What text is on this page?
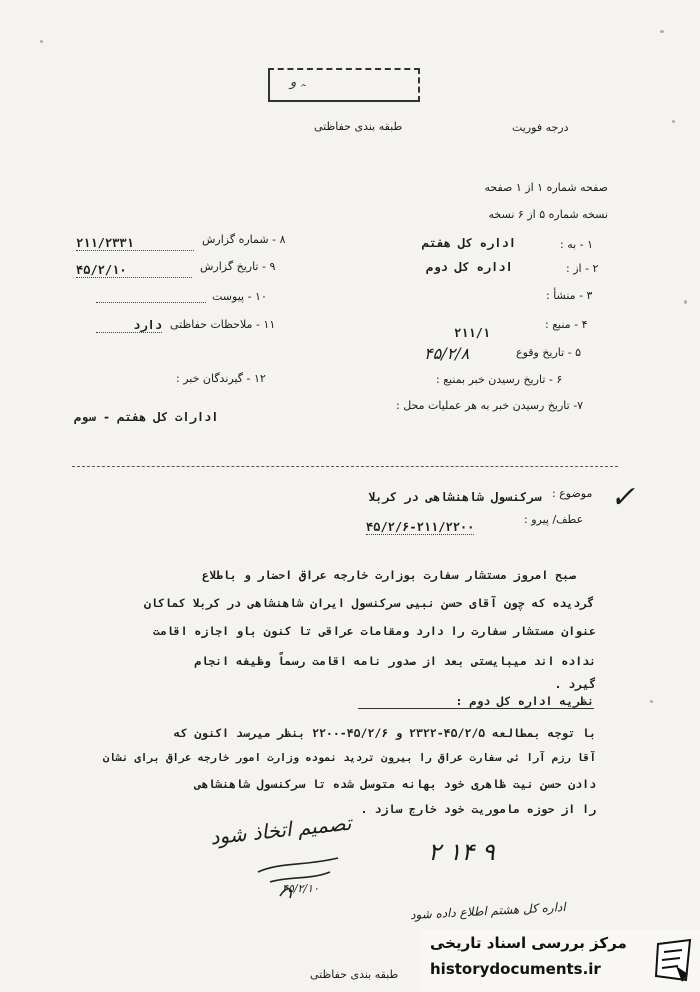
ﮧ ﻭ
طبقه بندی حفاظتی	درجه فوریت
صفحه شماره ۱ از ۱ صفحه
نسخه شماره ۵ از ۶ نسخه
۱ - به :
اداره کل هفتم
۲ - از :
اداره کل دوم
۳ - منشأ :
۴ - منبع :
۲۱۱/۱
۵ - تاریخ وقوع
۴۵/۲/۸
۶ - تاریخ رسیدن خبر بمنبع :
۷- تاریخ رسیدن خبر به هر عملیات محل :
۸ - شماره گزارش
۲۱۱/۲۳۳۱
۹ - تاریخ گزارش
۴۵/۲/۱۰
۱۰ - پیوست
۱۱ - ملاحظات حفاظتی
دارد
۱۲ - گیرندگان خبر :
ادارات کل هفتم - سوم
موضوع :
سرکنسول شاهنشاهی در کربلا ✓
عطف/ پیرو :
۴۵/۲/۶-۲۱۱/۲۲۰۰
صبح امروز مستشار سفارت بوزارت خارجه عراق احضار و باطلاع
گردیده که چون آقای حسن نبیی سرکنسول ایران شاهنشاهی در کربلا کماکان
عنوان مستشار سفارت را دارد ومقامات عراقی تا کنون باو اجازه اقامت
نداده اند میبایستی بعد از صدور نامه اقامت رسماً وظیفه انجام
گیرد .
نظریه اداره کل دوم :
با توجه بمطالعه ۴۵/۲/۵-۲۳۲۲ و ۴۵/۲/۶-۲۲۰۰ بنظر میرسد اکنون که
آقا رزم آرا ئی سفارت عراق را بیرون تردید نموده وزارت امور خارجه عراق برای نشان
دادن حسن نیت ظاهری خود بهانه متوسل شده تا سرکنسول شاهنشاهی
را از حوزه ماموریت خود خارج سازد .
تصمیم اتخاذ شود
۲ ۱۴ ۹
۴۵/۲/۱۰
اداره کل هشتم اطلاع داده شود
طبقه بندی حفاظتی
مرکز بررسی اسناد تاریخی
historydocuments.ir
